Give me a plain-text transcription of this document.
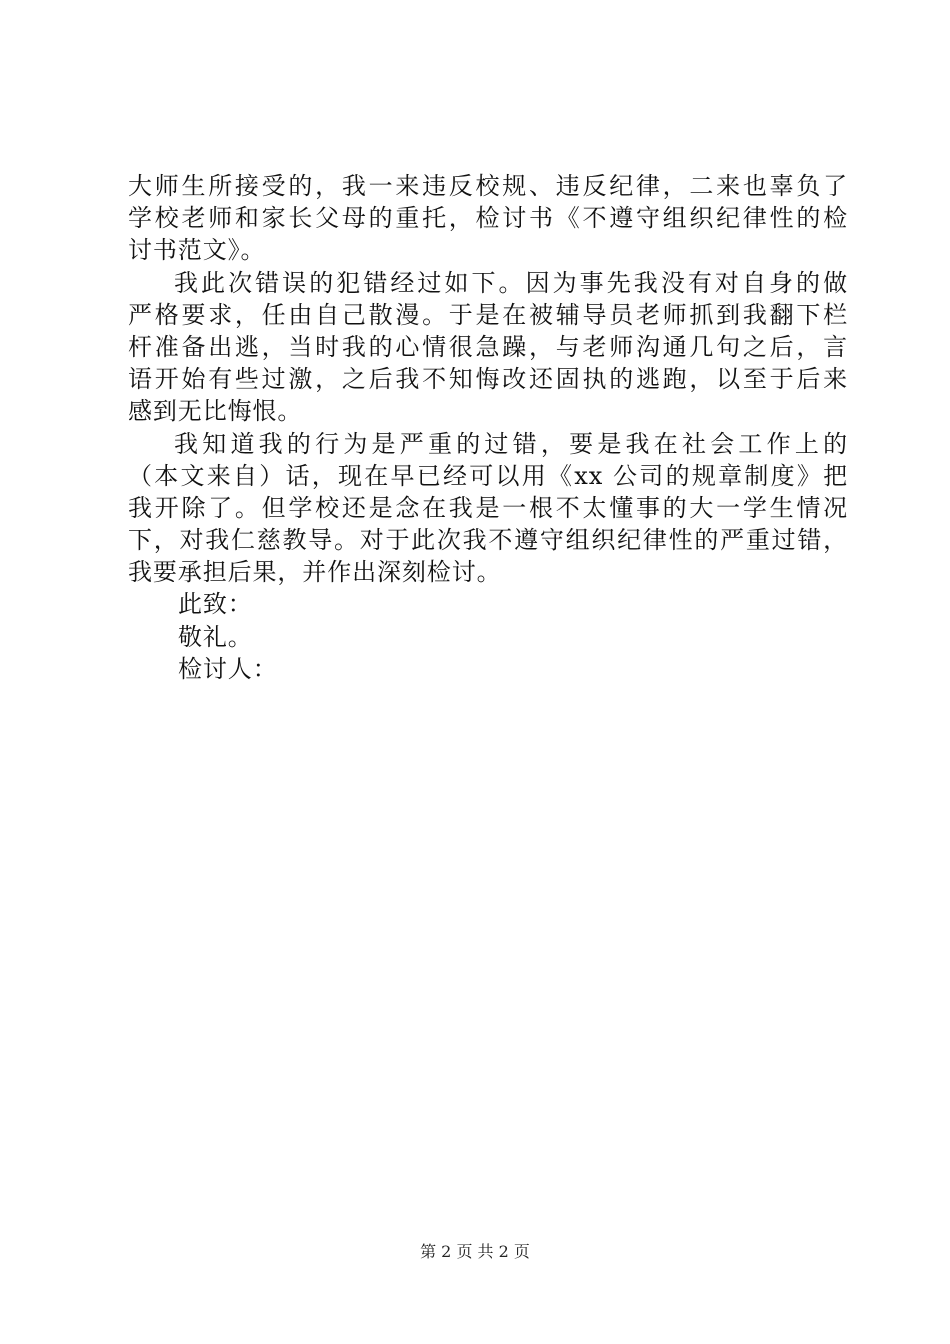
大师生所接受的，我一来违反校规、违反纪律，二来也辜负了
学校老师和家长父母的重托，检讨书《不遵守组织纪律性的检
讨书范文》。
我此次错误的犯错经过如下。因为事先我没有对自身的做
严格要求，任由自己散漫。于是在被辅导员老师抓到我翻下栏
杆准备出逃，当时我的心情很急躁，与老师沟通几句之后，言
语开始有些过激，之后我不知悔改还固执的逃跑，以至于后来
感到无比悔恨。
我知道我的行为是严重的过错，要是我在社会工作上的
（本文来自）话，现在早已经可以用《xx 公司的规章制度》把
我开除了。但学校还是念在我是一根不太懂事的大一学生情况
下，对我仁慈教导。对于此次我不遵守组织纪律性的严重过错，
我要承担后果，并作出深刻检讨。
此致：
敬礼。
检讨人：
第 2 页 共 2 页
